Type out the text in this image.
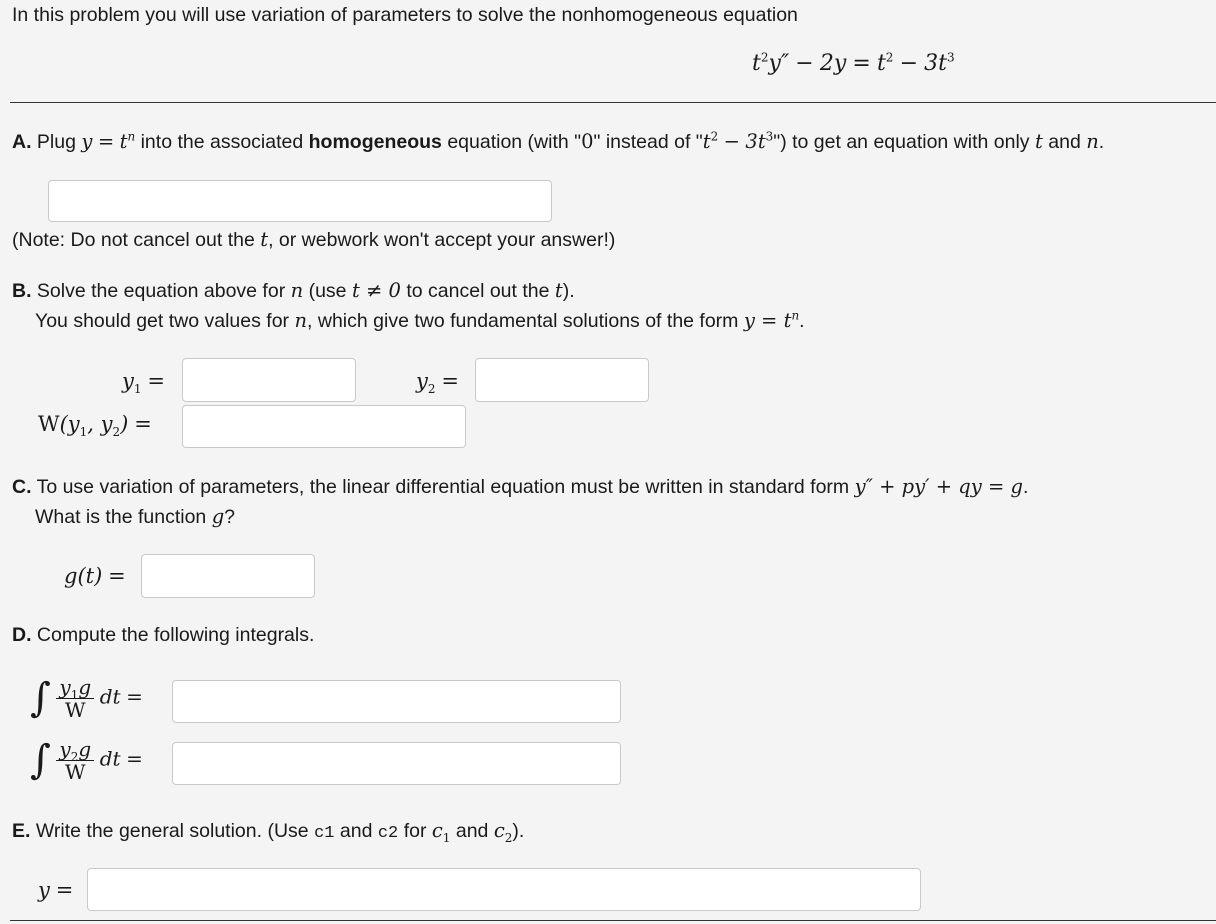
In this problem you will use variation of parameters to solve the nonhomogeneous equation
$t^2y'' - 2y = t^2 - 3t^3$
A. Plug $y = t^n$ into the associated homogeneous equation (with "0" instead of "$t^2$ − $3t^3$") to get an equation with only t and n.
(Note: Do not cancel out the t, or webwork won't accept your answer!)
B. Solve the equation above for n (use t ≠ 0 to cancel out the t).
You should get two values for n, which give two fundamental solutions of the form $y = t^n$.
$y_1$ =	$y_2$ =
$W(y_1$, $y_2$) =
C. To use variation of parameters, the linear differential equation must be written in standard form y″ + py′ + qy = g.
What is the function g?
g(t) =
D. Compute the following integrals.
∫ $\frac{y_1g}{W}$ dt =
∫ $\frac{y_2g}{W}$ dt =
E. Write the general solution. (Use c1 and c2 for $c_1$ and $c_2$).
y =
